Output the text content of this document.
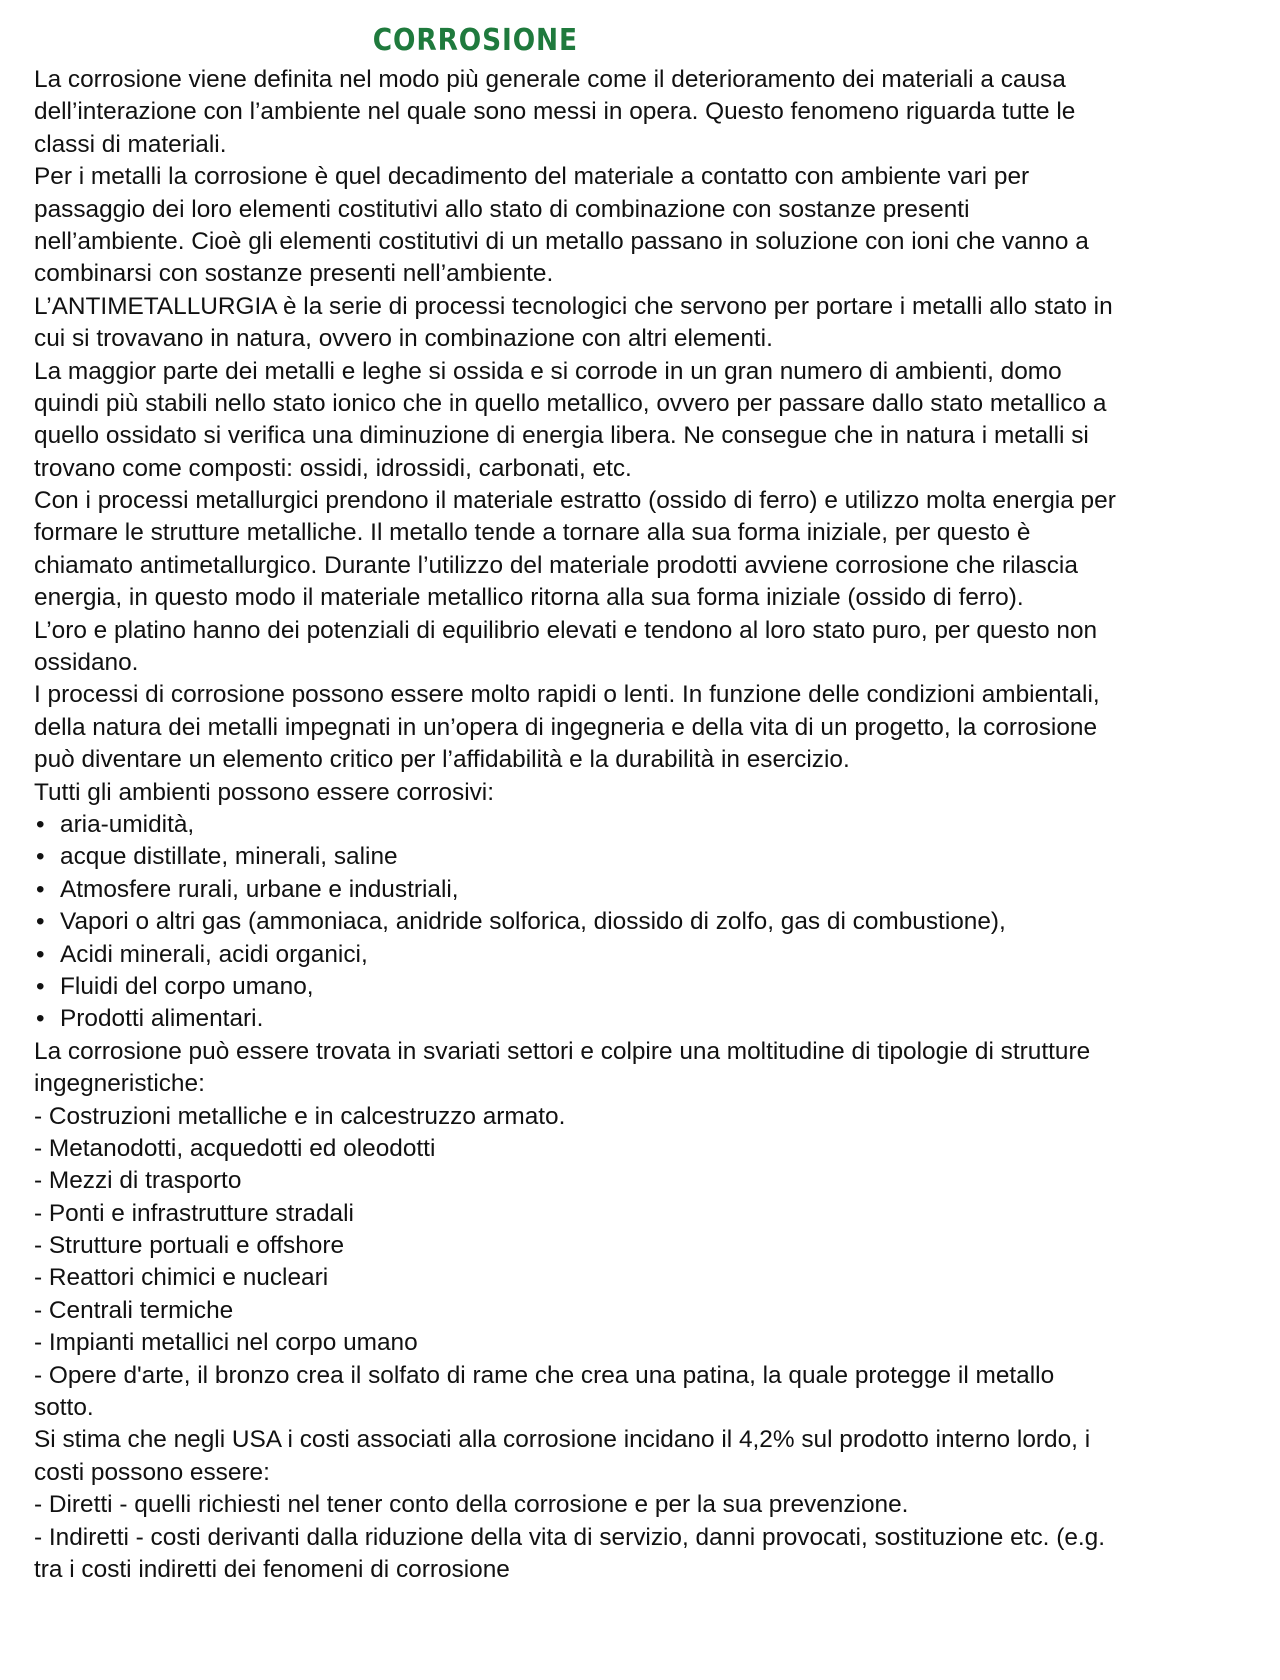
CORROSIONE
La corrosione viene definita nel modo più generale come il deterioramento dei materiali a causa
dell’interazione con l’ambiente nel quale sono messi in opera. Questo fenomeno riguarda tutte le
classi di materiali.
Per i metalli la corrosione è quel decadimento del materiale a contatto con ambiente vari per
passaggio dei loro elementi costitutivi allo stato di combinazione con sostanze presenti
nell’ambiente. Cioè gli elementi costitutivi di un metallo passano in soluzione con ioni che vanno a
combinarsi con sostanze presenti nell’ambiente.
L’ANTIMETALLURGIA è la serie di processi tecnologici che servono per portare i metalli allo stato in
cui si trovavano in natura, ovvero in combinazione con altri elementi.
La maggior parte dei metalli e leghe si ossida e si corrode in un gran numero di ambienti, domo
quindi più stabili nello stato ionico che in quello metallico, ovvero per passare dallo stato metallico a
quello ossidato si verifica una diminuzione di energia libera. Ne consegue che in natura i metalli si
trovano come composti: ossidi, idrossidi, carbonati, etc.
Con i processi metallurgici prendono il materiale estratto (ossido di ferro) e utilizzo molta energia per
formare le strutture metalliche. Il metallo tende a tornare alla sua forma iniziale, per questo è
chiamato antimetallurgico. Durante l’utilizzo del materiale prodotti avviene corrosione che rilascia
energia, in questo modo il materiale metallico ritorna alla sua forma iniziale (ossido di ferro).
L’oro e platino hanno dei potenziali di equilibrio elevati e tendono al loro stato puro, per questo non
ossidano.
I processi di corrosione possono essere molto rapidi o lenti. In funzione delle condizioni ambientali,
della natura dei metalli impegnati in un’opera di ingegneria e della vita di un progetto, la corrosione
può diventare un elemento critico per l’affidabilità e la durabilità in esercizio.
Tutti gli ambienti possono essere corrosivi:
• aria-umidità,
• acque distillate, minerali, saline
• Atmosfere rurali, urbane e industriali,
• Vapori o altri gas (ammoniaca, anidride solforica, diossido di zolfo, gas di combustione),
• Acidi minerali, acidi organici,
• Fluidi del corpo umano,
• Prodotti alimentari.
La corrosione può essere trovata in svariati settori e colpire una moltitudine di tipologie di strutture
ingegneristiche:
- Costruzioni metalliche e in calcestruzzo armato.
- Metanodotti, acquedotti ed oleodotti
- Mezzi di trasporto
- Ponti e infrastrutture stradali
- Strutture portuali e offshore
- Reattori chimici e nucleari
- Centrali termiche
- Impianti metallici nel corpo umano
- Opere d'arte, il bronzo crea il solfato di rame che crea una patina, la quale protegge il metallo
sotto.
Si stima che negli USA i costi associati alla corrosione incidano il 4,2% sul prodotto interno lordo, i
costi possono essere:
- Diretti - quelli richiesti nel tener conto della corrosione e per la sua prevenzione.
- Indiretti - costi derivanti dalla riduzione della vita di servizio, danni provocati, sostituzione etc. (e.g.
tra i costi indiretti dei fenomeni di corrosione
